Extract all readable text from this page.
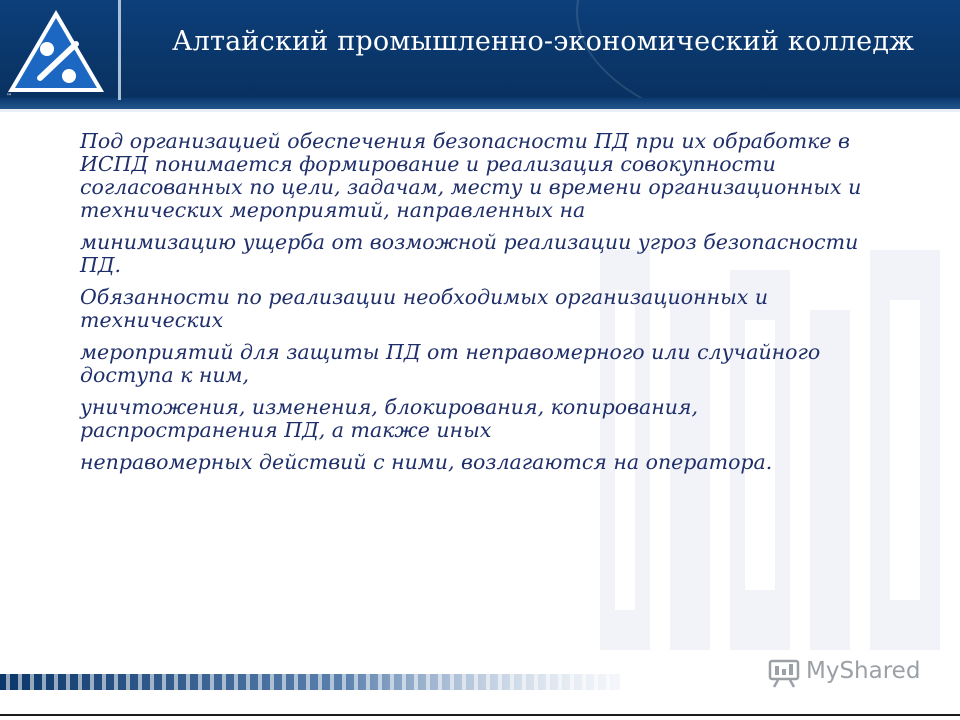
™
Алтайский промышленно-экономический колледж

Под организацией обеспечения безопасности ПД при их обработке в ИСПД понимается формирование и реализация совокупности согласованных по цели, задачам, месту и времени организационных и технических мероприятий, направленных на

минимизацию ущерба от возможной реализации угроз безопасности ПД.

Обязанности по реализации необходимых организационных и технических

мероприятий для защиты ПД от неправомерного или случайного доступа к ним,

уничтожения, изменения, блокирования, копирования, распространения ПД, а также иных

неправомерных действий с ними, возлагаются на оператора.

MyShared
